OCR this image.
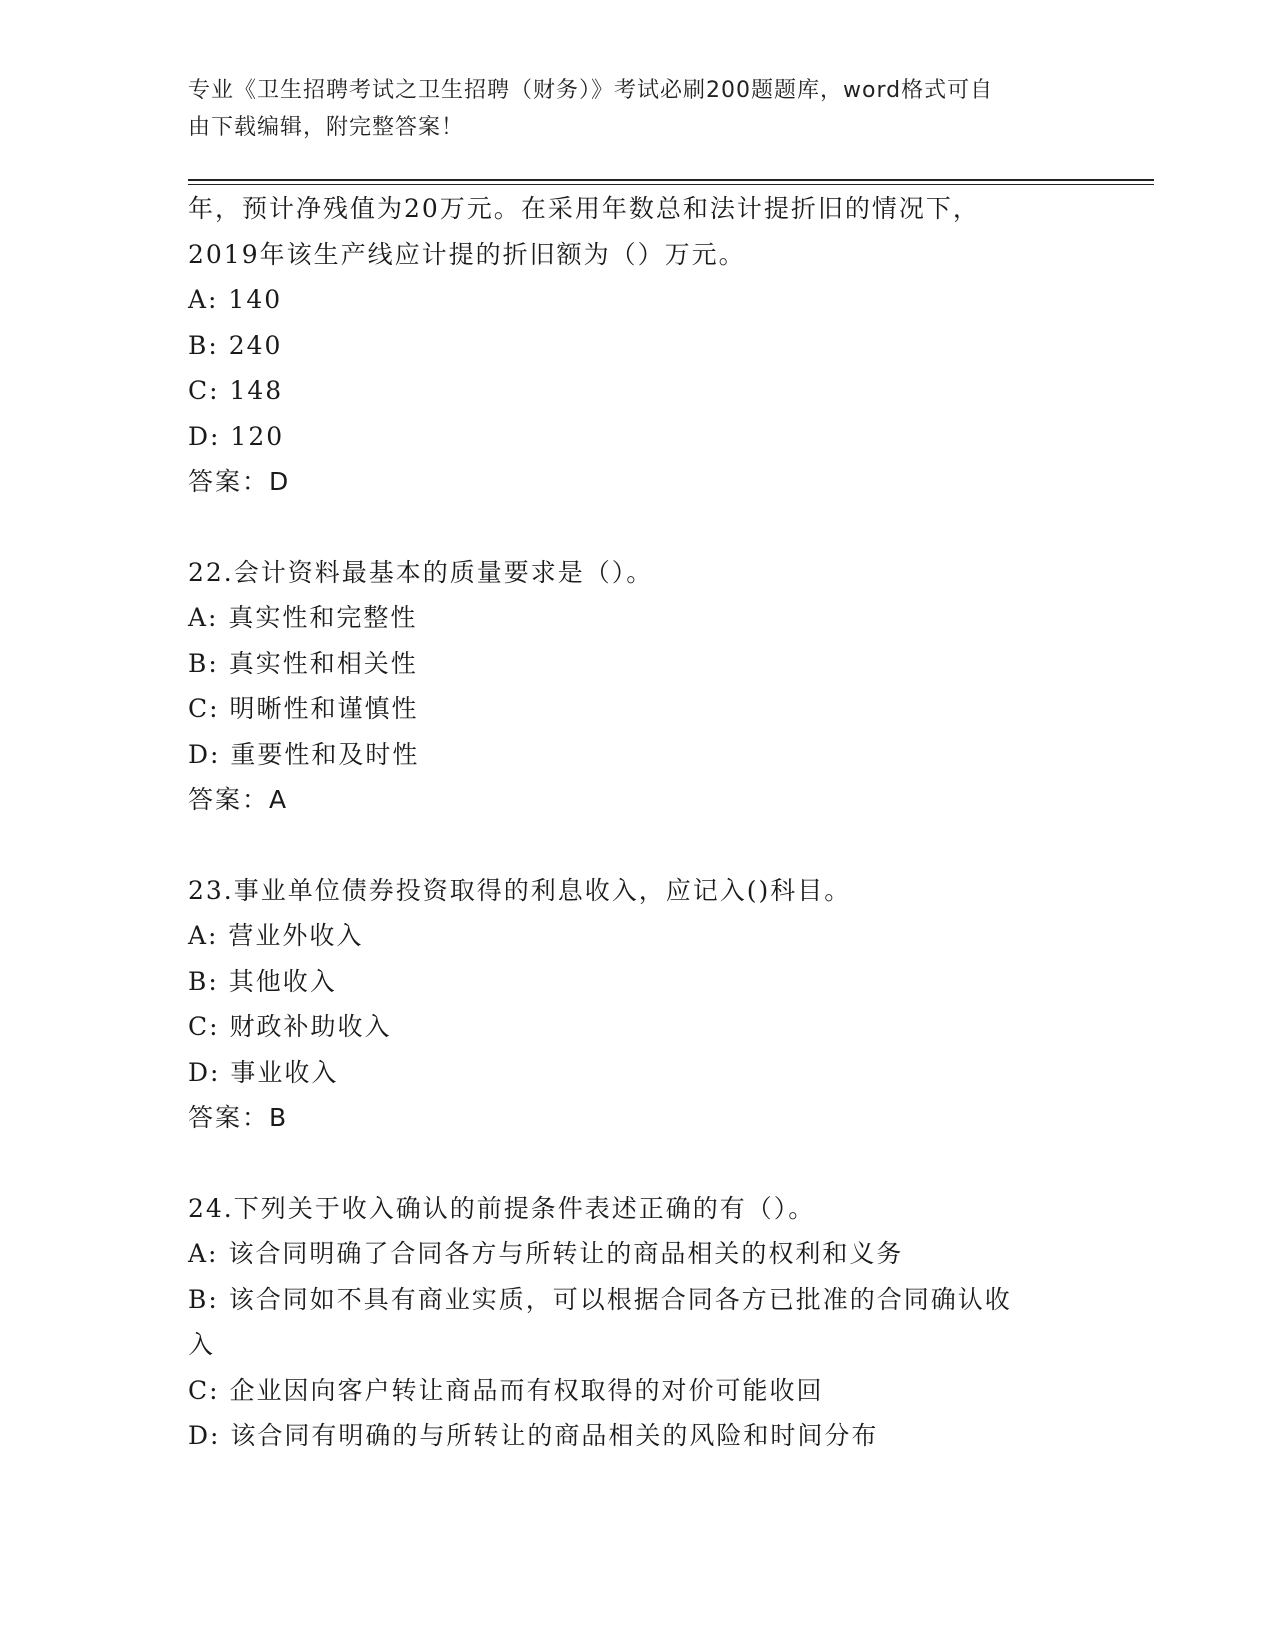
专业《卫生招聘考试之卫生招聘（财务）》考试必刷200题题库，word格式可自
由下载编辑，附完整答案！
年，预计净残值为20万元。在采用年数总和法计提折旧的情况下，
2019年该生产线应计提的折旧额为（）万元。
A: 140
B: 240
C: 148
D: 120
答案：D
22.会计资料最基本的质量要求是（）。
A: 真实性和完整性
B: 真实性和相关性
C: 明晰性和谨慎性
D: 重要性和及时性
答案：A
23.事业单位债券投资取得的利息收入，应记入()科目。
A: 营业外收入
B: 其他收入
C: 财政补助收入
D: 事业收入
答案：B
24.下列关于收入确认的前提条件表述正确的有（）。
A: 该合同明确了合同各方与所转让的商品相关的权利和义务
B: 该合同如不具有商业实质，可以根据合同各方已批准的合同确认收
入
C: 企业因向客户转让商品而有权取得的对价可能收回
D: 该合同有明确的与所转让的商品相关的风险和时间分布
